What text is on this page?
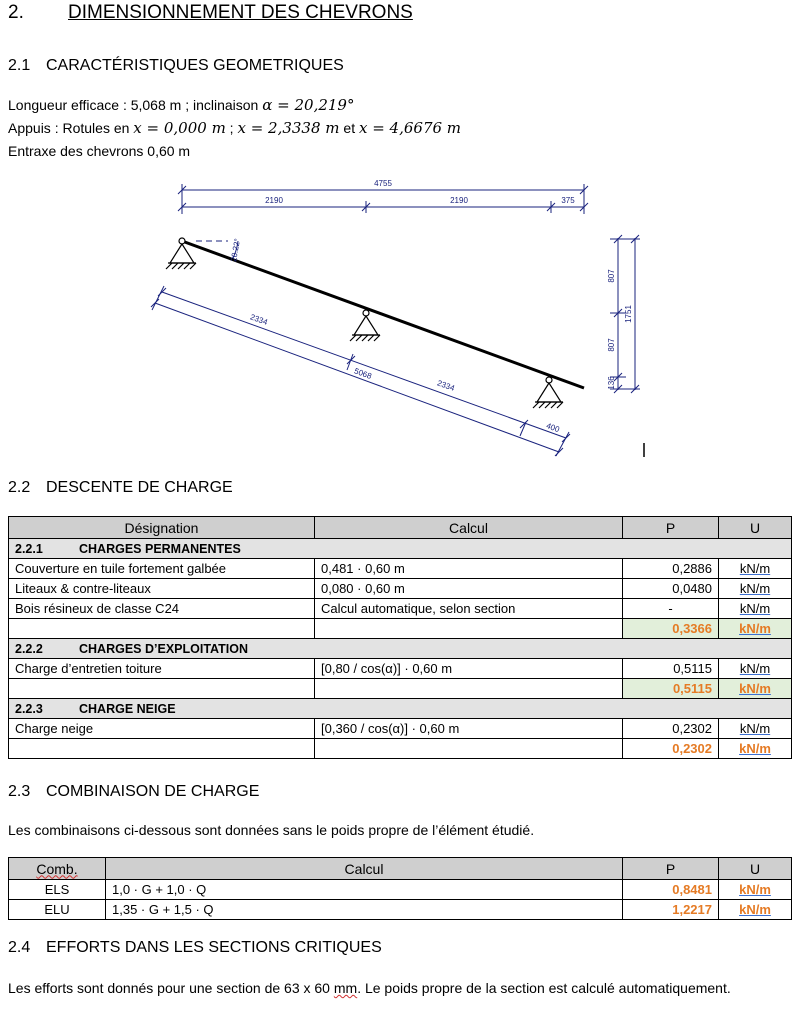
2. DIMENSIONNEMENT DES CHEVRONS
2.1 CARACTÉRISTIQUES GEOMETRIQUES
Longueur efficace : 5,068 m ; inclinaison α = 20,219°
Appuis : Rotules en x = 0,000 m ; x = 2,3338 m et x = 4,6676 m
Entraxe des chevrons 0,60 m
4755
2190	2190	375
20.22°
2334
2334
5068
400
807
807
136
1751
2.2 DESCENTE DE CHARGE
Désignation	Calcul	P	U
2.2.1 CHARGES PERMANENTES			
Couverture en tuile fortement galbée	0,481 · 0,60 m	0,2886	kN/m
Liteaux & contre-liteaux	0,080 · 0,60 m	0,0480	kN/m
Bois résineux de classe C24	Calcul automatique, selon section	-	kN/m
		0,3366	kN/m
2.2.2 CHARGES D’EXPLOITATION			
Charge d’entretien toiture	[0,80 / cos(α)] · 0,60 m	0,5115	kN/m
		0,5115	kN/m
2.2.3 CHARGE NEIGE			
Charge neige	[0,360 / cos(α)] · 0,60 m	0,2302	kN/m
		0,2302	kN/m
2.3 COMBINAISON DE CHARGE
Les combinaisons ci-dessous sont données sans le poids propre de l’élément étudié.
Comb.	Calcul	P	U
ELS	1,0 · G + 1,0 · Q	0,8481	kN/m
ELU	1,35 · G + 1,5 · Q	1,2217	kN/m
2.4 EFFORTS DANS LES SECTIONS CRITIQUES
Les efforts sont donnés pour une section de 63 x 60 mm. Le poids propre de la section est calculé automatiquement.
